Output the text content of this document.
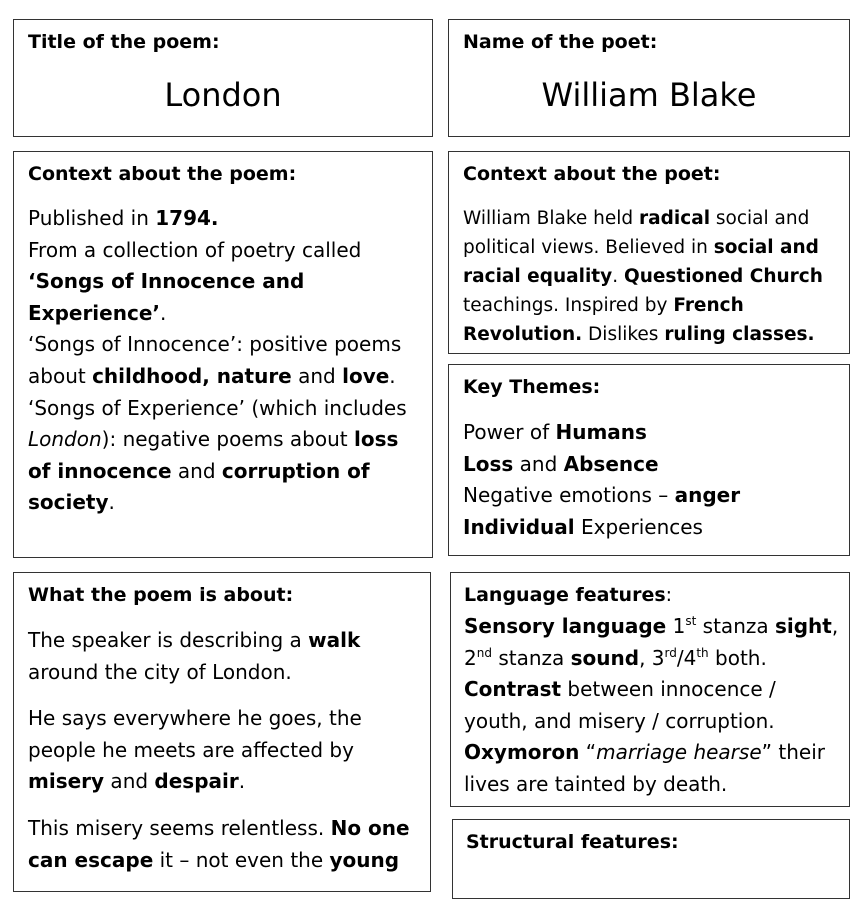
Title of the poem:
London
Name of the poet:
William Blake
Context about the poem:

Published in 1794.

From a collection of poetry called ‘Songs of Innocence and Experience’.

‘Songs of Innocence’: positive poems about childhood, nature and love.

‘Songs of Experience’ (which includes London): negative poems about loss of innocence and corruption of society.

Context about the poet:

William Blake held radical social and political views. Believed in social and racial equality. Questioned Church teachings. Inspired by French Revolution. Dislikes ruling classes.

Key Themes:

Power of Humans

Loss and Absence

Negative emotions – anger

Individual Experiences

What the poem is about:

The speaker is describing a walk around the city of London.

He says everywhere he goes, the people he meets are affected by misery and despair.

This misery seems relentless. No one can escape it – not even the young

Language features:

Sensory language 1st stanza sight,

2nd stanza sound, 3rd/4th both.

Contrast between innocence / youth, and misery / corruption.

Oxymoron “marriage hearse” their lives are tainted by death.

Structural features:
